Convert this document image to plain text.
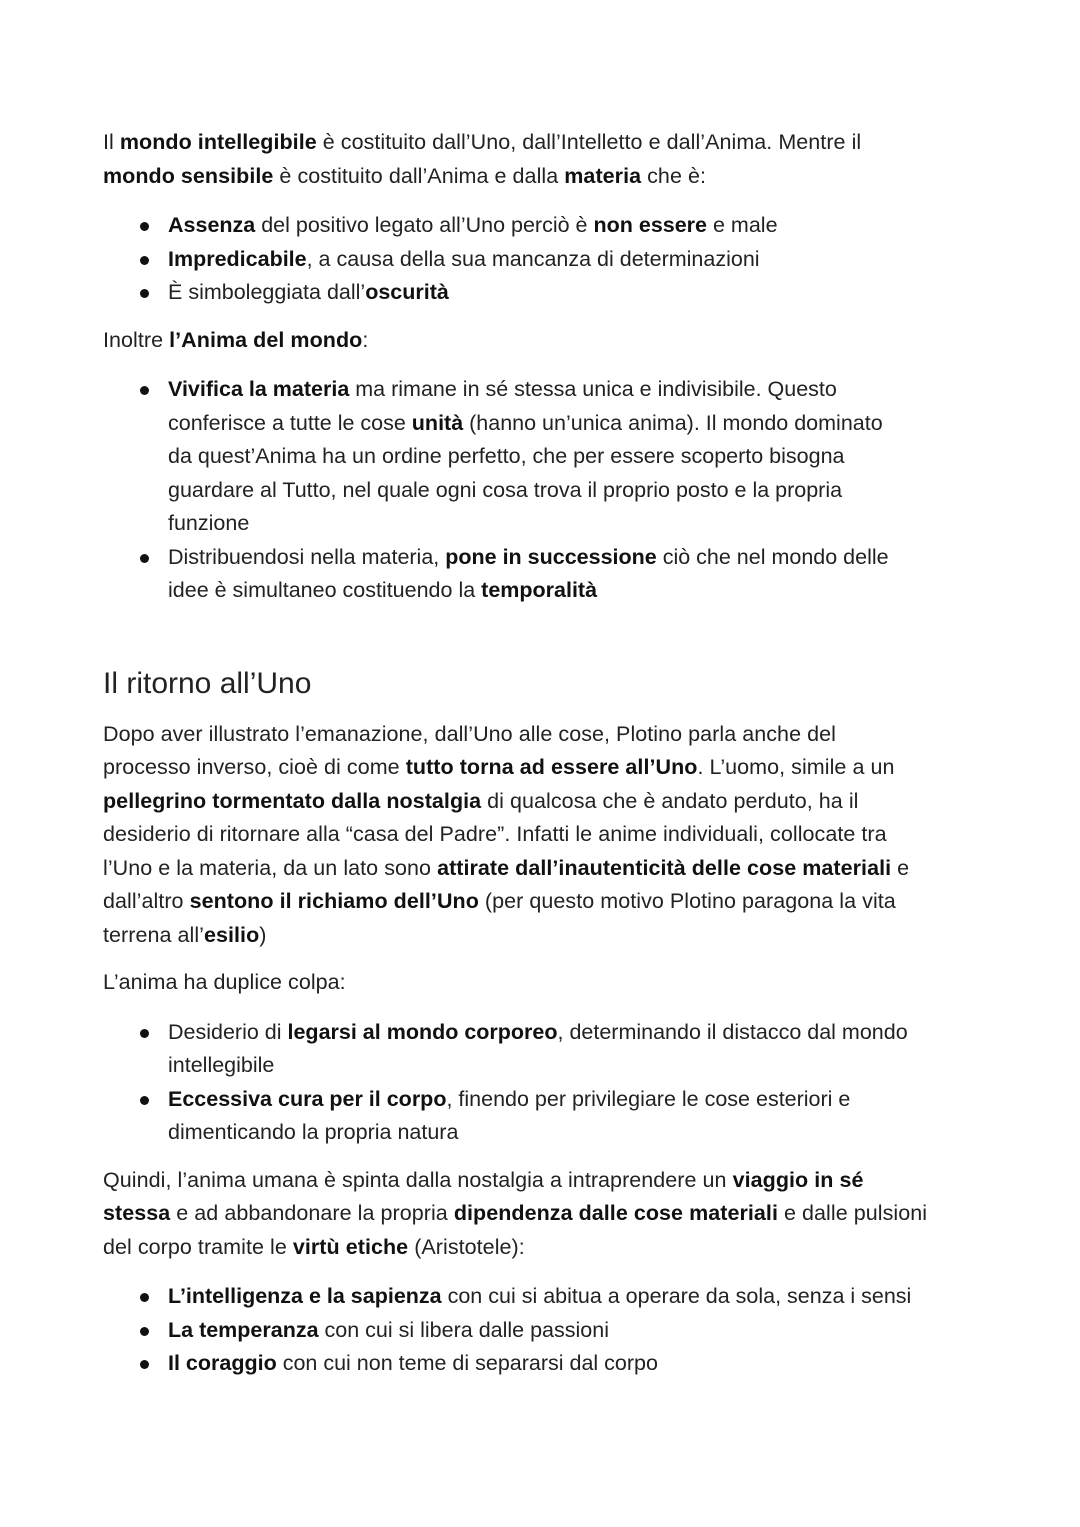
Il mondo intellegibile è costituito dall’Uno, dall’Intelletto e dall’Anima. Mentre il
mondo sensibile è costituito dall’Anima e dalla materia che è:

Assenza del positivo legato all’Uno perciò è non essere e male
Impredicabile, a causa della sua mancanza di determinazioni
È simboleggiata dall’oscurità

Inoltre l’Anima del mondo:

Vivifica la materia ma rimane in sé stessa unica e indivisibile. Questo
conferisce a tutte le cose unità (hanno un’unica anima). Il mondo dominato
da quest’Anima ha un ordine perfetto, che per essere scoperto bisogna
guardare al Tutto, nel quale ogni cosa trova il proprio posto e la propria
funzione
Distribuendosi nella materia, pone in successione ciò che nel mondo delle
idee è simultaneo costituendo la temporalità
Il ritorno all’Uno

Dopo aver illustrato l’emanazione, dall’Uno alle cose, Plotino parla anche del
processo inverso, cioè di come tutto torna ad essere all’Uno. L’uomo, simile a un
pellegrino tormentato dalla nostalgia di qualcosa che è andato perduto, ha il
desiderio di ritornare alla “casa del Padre”. Infatti le anime individuali, collocate tra
l’Uno e la materia, da un lato sono attirate dall’inautenticità delle cose materiali e
dall’altro sentono il richiamo dell’Uno (per questo motivo Plotino paragona la vita
terrena all’esilio)

L’anima ha duplice colpa:

Desiderio di legarsi al mondo corporeo, determinando il distacco dal mondo
intellegibile
Eccessiva cura per il corpo, finendo per privilegiare le cose esteriori e
dimenticando la propria natura

Quindi, l’anima umana è spinta dalla nostalgia a intraprendere un viaggio in sé
stessa e ad abbandonare la propria dipendenza dalle cose materiali e dalle pulsioni
del corpo tramite le virtù etiche (Aristotele):

L’intelligenza e la sapienza con cui si abitua a operare da sola, senza i sensi
La temperanza con cui si libera dalle passioni
Il coraggio con cui non teme di separarsi dal corpo
